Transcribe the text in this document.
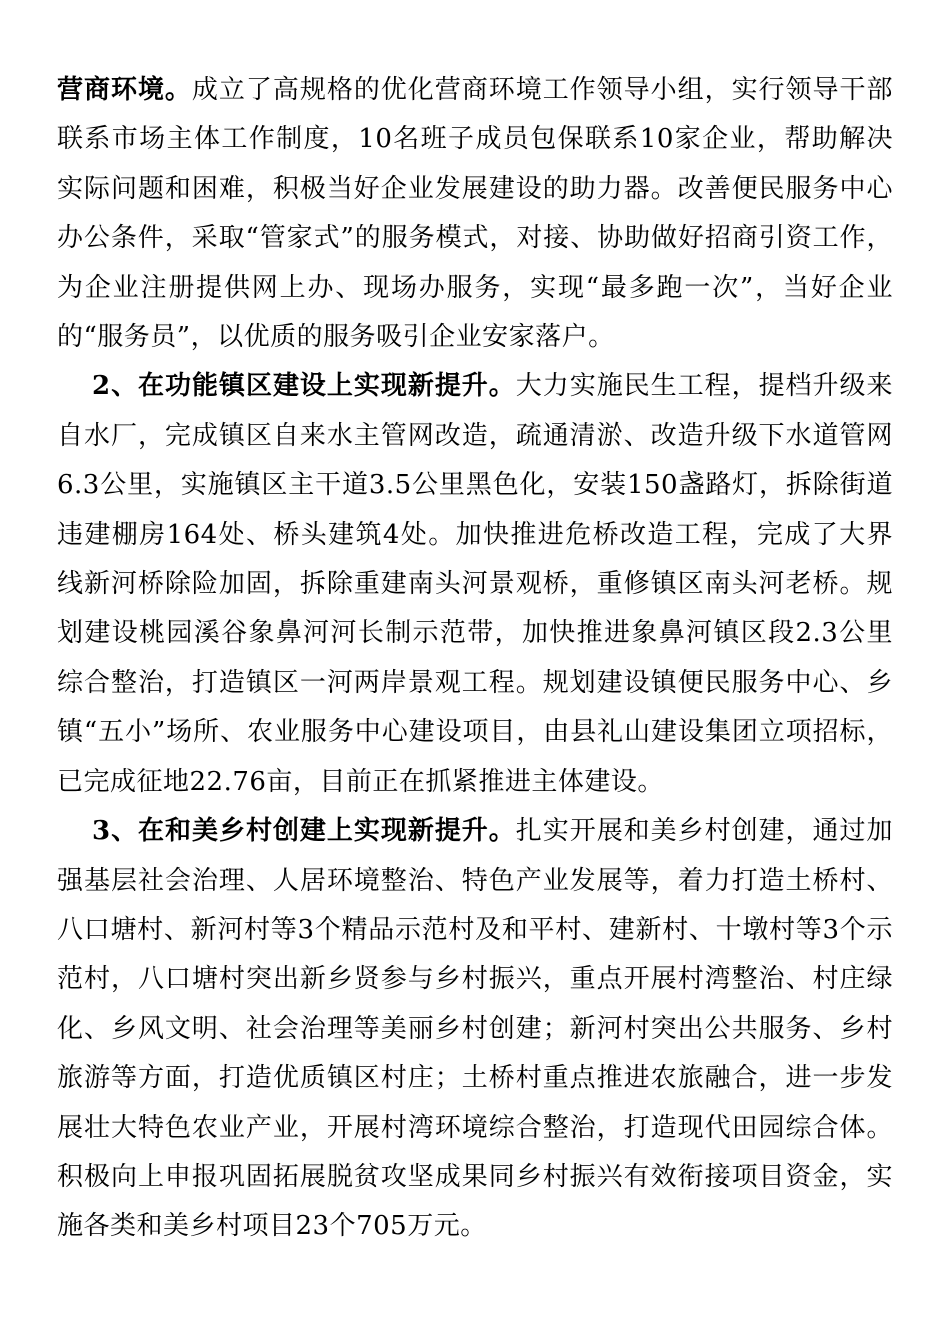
营商环境。成立了高规格的优化营商环境工作领导小组，实行领导干部联系市场主体工作制度，10名班子成员包保联系10家企业，帮助解决实际问题和困难，积极当好企业发展建设的助力器。改善便民服务中心办公条件，采取“管家式”的服务模式，对接、协助做好招商引资工作，为企业注册提供网上办、现场办服务，实现“最多跑一次”，当好企业的“服务员”，以优质的服务吸引企业安家落户。

2、在功能镇区建设上实现新提升。大力实施民生工程，提档升级来自水厂，完成镇区自来水主管网改造，疏通清淤、改造升级下水道管网6.3公里，实施镇区主干道3.5公里黑色化，安装150盏路灯，拆除街道违建棚房164处、桥头建筑4处。加快推进危桥改造工程，完成了大界线新河桥除险加固，拆除重建南头河景观桥，重修镇区南头河老桥。规划建设桃园溪谷象鼻河河长制示范带，加快推进象鼻河镇区段2.3公里综合整治，打造镇区一河两岸景观工程。规划建设镇便民服务中心、乡镇“五小”场所、农业服务中心建设项目，由县礼山建设集团立项招标，已完成征地22.76亩，目前正在抓紧推进主体建设。

3、在和美乡村创建上实现新提升。扎实开展和美乡村创建，通过加强基层社会治理、人居环境整治、特色产业发展等，着力打造土桥村、八口塘村、新河村等3个精品示范村及和平村、建新村、十墩村等3个示范村，八口塘村突出新乡贤参与乡村振兴，重点开展村湾整治、村庄绿化、乡风文明、社会治理等美丽乡村创建；新河村突出公共服务、乡村旅游等方面，打造优质镇区村庄；土桥村重点推进农旅融合，进一步发展壮大特色农业产业，开展村湾环境综合整治，打造现代田园综合体。积极向上申报巩固拓展脱贫攻坚成果同乡村振兴有效衔接项目资金，实施各类和美乡村项目23个705万元。
